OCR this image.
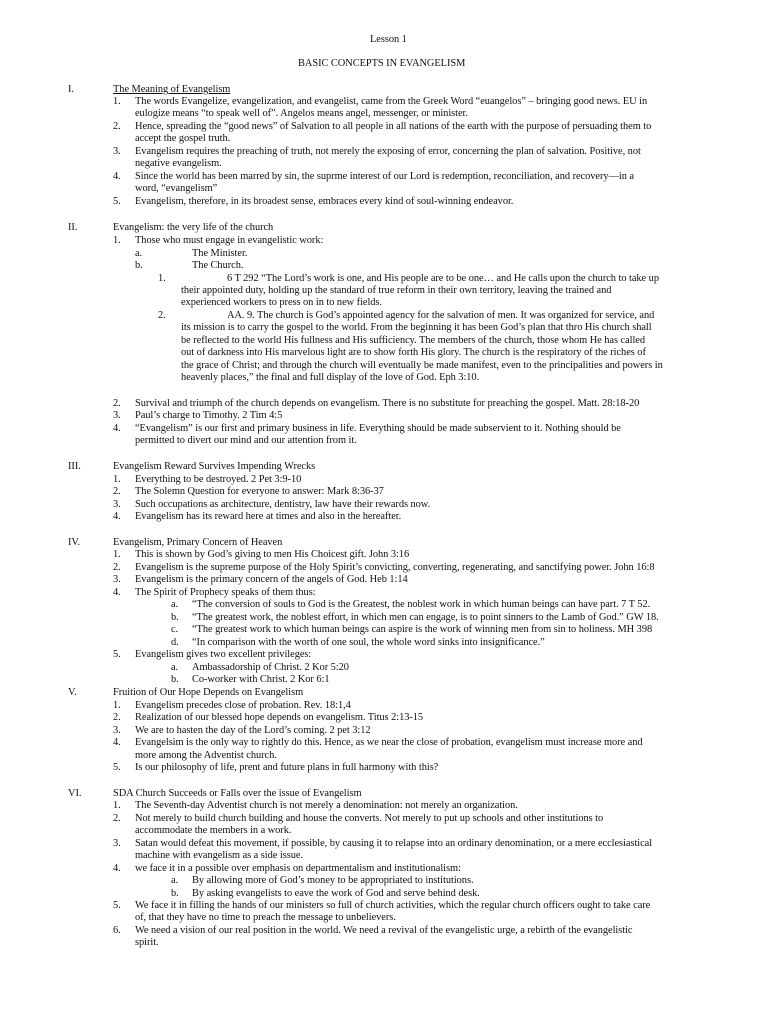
Lesson 1
BASIC CONCEPTS IN EVANGELISM
I.	The Meaning of Evangelism
1. The words Evangelize, evangelization, and evangelist, came from the Greek Word “euangelos” – bringing good news. EU in
eulogize means “to speak well of”. Angelos means angel, messenger, or minister.
2. Hence, spreading the “good news” of Salvation to all people in all nations of the earth with the purpose of persuading them to
accept the gospel truth.
3. Evangelism requires the preaching of truth, not merely the exposing of error, concerning the plan of salvation. Positive, not
negative evangelism.
4. Since the world has been marred by sin, the suprme interest of our Lord is redemption, reconciliation, and recovery—in a
word, “evangelism”
5. Evangelism, therefore, in its broadest sense, embraces every kind of soul-winning endeavor.
II.	Evangelism: the very life of the church
1. Those who must engage in evangelistic work:
a.	The Minister.
b.	The Church.
1.	6 T 292 “The Lord’s work is one, and His people are to be one… and He calls upon the church to take up
their appointed duty, holding up the standard of true reform in their own territory, leaving the trained and
experienced workers to press on in to new fields.
2.	AA. 9. The church is God’s appointed agency for the salvation of men. It was organized for service, and
its mission is to carry the gospel to the world. From the beginning it has been God’s plan that thro His church shall
be reflected to the world His fullness and His sufficiency. The members of the church, those whom He has called
out of darkness into His marvelous light are to show forth His glory. The church is the respiratory of the riches of
the grace of Christ; and through the church will eventually be made manifest, even to the principalities and powers in
heavenly places,” the final and full display of the love of God. Eph 3:10.
2. Survival and triumph of the church depends on evangelism. There is no substitute for preaching the gospel. Matt. 28:18-20
3. Paul’s charge to Timothy. 2 Tim 4:5
4. “Evangelism” is our first and primary business in life. Everything should be made subservient to it. Nothing should be
permitted to divert our mind and our attention from it.
III.	Evangelism Reward Survives Impending Wrecks
1. Everything to be destroyed. 2 Pet 3:9-10
2. The Solemn Question for everyone to answer: Mark 8:36-37
3. Such occupations as architecture, dentistry, law have their rewards now.
4. Evangelism has its reward here at times and also in the hereafter.
IV.	Evangelism, Primary Concern of Heaven
1. This is shown by God’s giving to men His Choicest gift. John 3:16
2. Evangelism is the supreme purpose of the Holy Spirit’s convicting, converting, regenerating, and sanctifying power. John 16:8
3. Evangelism is the primary concern of the angels of God. Heb 1:14
4. The Spirit of Prophecy speaks of them thus:
a. “The conversion of souls to God is the Greatest, the noblest work in which human beings can have part. 7 T 52.
b. “The greatest work, the noblest effort, in which men can engage, is to point sinners to the Lamb of God.” GW 18.
c. “The greatest work to which human beings can aspire is the work of winning men from sin to holiness. MH 398
d. “In comparison with the worth of one soul, the whole word sinks into insignificance.”
5. Evangelism gives two excellent privileges:
a. Ambassadorship of Christ. 2 Kor 5:20
b. Co-worker with Christ. 2 Kor 6:1
V.	Fruition of Our Hope Depends on Evangelism
1. Evangelism precedes close of probation. Rev. 18:1,4
2. Realization of our blessed hope depends on evangelism. Titus 2:13-15
3. We are to hasten the day of the Lord’s coming. 2 pet 3:12
4. Evangelsim is the only way to rightly do this. Hence, as we near the close of probation, evangelism must increase more and
more among the Adventist church.
5. Is our philosophy of life, prent and future plans in full harmony with this?
VI.	SDA Church Succeeds or Falls over the issue of Evangelism
1. The Seventh-day Adventist church is not merely a denomination: not merely an organization.
2. Not merely to build church building and house the converts. Not merely to put up schools and other institutions to
accommodate the members in a work.
3. Satan would defeat this movement, if possible, by causing it to relapse into an ordinary denomination, or a mere ecclesiastical
machine with evangelism as a side issue.
4. we face it in a possible over emphasis on departmentalism and institutionalism:
a. By allowing more of God’s money to be appropriated to institutions.
b. By asking evangelists to eave the work of God and serve behind desk.
5. We face it in filling the hands of our ministers so full of church activities, which the regular church officers ought to take care
of, that they have no time to preach the message to unbelievers.
6. We need a vision of our real position in the world. We need a revival of the evangelistic urge, a rebirth of the evangelistic
spirit.
